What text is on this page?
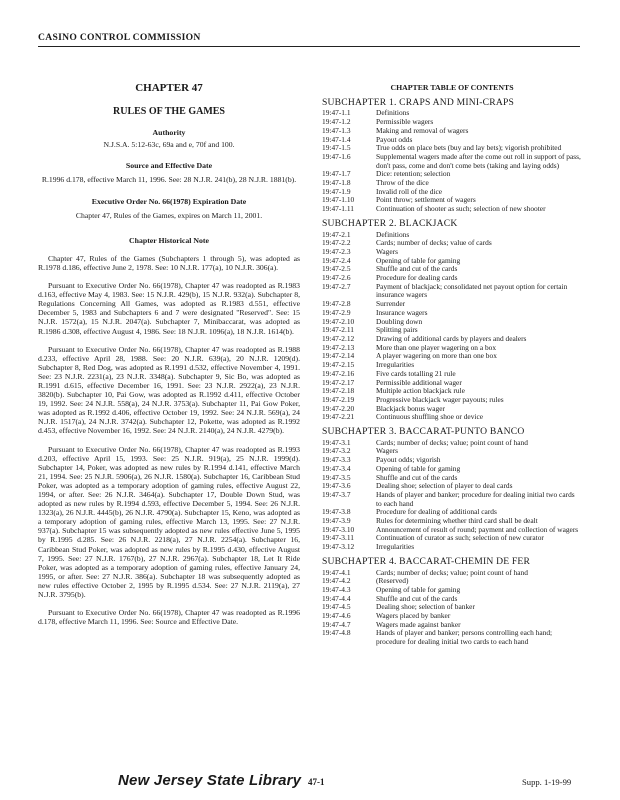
CASINO CONTROL COMMISSION
CHAPTER 47
RULES OF THE GAMES
Authority
N.J.S.A. 5:12-63c, 69a and e, 70f and 100.
Source and Effective Date
R.1996 d.178, effective March 11, 1996. See: 28 N.J.R. 241(b), 28 N.J.R. 1881(b).
Executive Order No. 66(1978) Expiration Date
Chapter 47, Rules of the Games, expires on March 11, 2001.
Chapter Historical Note
Chapter 47, Rules of the Games (Subchapters 1 through 5), was adopted as R.1978 d.186, effective June 2, 1978. See: 10 N.J.R. 177(a), 10 N.J.R. 306(a).
Pursuant to Executive Order No. 66(1978), Chapter 47 was readopted as R.1983 d.163, effective May 4, 1983. See: 15 N.J.R. 429(b), 15 N.J.R. 932(a). Subchapter 8, Regulations Concerning All Games, was adopted as R.1983 d.551, effective December 5, 1983 and Subchapters 6 and 7 were designated "Reserved". See: 15 N.J.R. 1572(a), 15 N.J.R. 2047(a). Subchapter 7, Minibaccarat, was adopted as R.1986 d.308, effective August 4, 1986. See: 18 N.J.R. 1096(a), 18 N.J.R. 1614(b).
Pursuant to Executive Order No. 66(1978), Chapter 47 was readopted as R.1988 d.233, effective April 28, 1988. See: 20 N.J.R. 639(a), 20 N.J.R. 1209(d). Subchapter 8, Red Dog, was adopted as R.1991 d.532, effective November 4, 1991. See: 23 N.J.R. 2231(a), 23 N.J.R. 3348(a). Subchapter 9, Sic Bo, was adopted as R.1991 d.615, effective December 16, 1991. See: 23 N.J.R. 2922(a), 23 N.J.R. 3820(b). Subchapter 10, Pai Gow, was adopted as R.1992 d.411, effective October 19, 1992. See: 24 N.J.R. 558(a), 24 N.J.R. 3753(a). Subchapter 11, Pai Gow Poker, was adopted as R.1992 d.406, effective October 19, 1992. See: 24 N.J.R. 569(a), 24 N.J.R. 1517(a), 24 N.J.R. 3742(a). Subchapter 12, Pokette, was adopted as R.1992 d.453, effective November 16, 1992. See: 24 N.J.R. 2140(a), 24 N.J.R. 4279(b).
Pursuant to Executive Order No. 66(1978), Chapter 47 was readopted as R.1993 d.203, effective April 15, 1993. See: 25 N.J.R. 919(a), 25 N.J.R. 1999(d). Subchapter 14, Poker, was adopted as new rules by R.1994 d.141, effective March 21, 1994. See: 25 N.J.R. 5906(a), 26 N.J.R. 1580(a). Subchapter 16, Caribbean Stud Poker, was adopted as a temporary adoption of gaming rules, effective August 22, 1994, or after. See: 26 N.J.R. 3464(a). Subchapter 17, Double Down Stud, was adopted as new rules by R.1994 d.593, effective December 5, 1994. See: 26 N.J.R. 1323(a), 26 N.J.R. 4445(b), 26 N.J.R. 4790(a). Subchapter 15, Keno, was adopted as a temporary adoption of gaming rules, effective March 13, 1995. See: 27 N.J.R. 937(a). Subchapter 15 was subsequently adopted as new rules effective June 5, 1995 by R.1995 d.285. See: 26 N.J.R. 2218(a), 27 N.J.R. 2254(a). Subchapter 16, Caribbean Stud Poker, was adopted as new rules by R.1995 d.430, effective August 7, 1995. See: 27 N.J.R. 1767(b), 27 N.J.R. 2967(a). Subchapter 18, Let It Ride Poker, was adopted as a temporary adoption of gaming rules, effective January 24, 1995, or after. See: 27 N.J.R. 386(a). Subchapter 18 was subsequently adopted as new rules effective October 2, 1995 by R.1995 d.534. See: 27 N.J.R. 2119(a), 27 N.J.R. 3795(b).
Pursuant to Executive Order No. 66(1978), Chapter 47 was readopted as R.1996 d.178, effective March 11, 1996. See: Source and Effective Date.
CHAPTER TABLE OF CONTENTS
SUBCHAPTER 1. CRAPS AND MINI-CRAPS
19:47-1.1	Definitions
19:47-1.2	Permissible wagers
19:47-1.3	Making and removal of wagers
19:47-1.4	Payout odds
19:47-1.5	True odds on place bets (buy and lay bets); vigorish prohibited
19:47-1.6	Supplemental wagers made after the come out roll in support of pass, don't pass, come and don't come bets (taking and laying odds)
19:47-1.7	Dice: retention; selection
19:47-1.8	Throw of the dice
19:47-1.9	Invalid roll of the dice
19:47-1.10	Point throw; settlement of wagers
19:47-1.11	Continuation of shooter as such; selection of new shooter
SUBCHAPTER 2. BLACKJACK
19:47-2.1	Definitions
19:47-2.2	Cards; number of decks; value of cards
19:47-2.3	Wagers
19:47-2.4	Opening of table for gaming
19:47-2.5	Shuffle and cut of the cards
19:47-2.6	Procedure for dealing cards
19:47-2.7	Payment of blackjack; consolidated net payout option for certain insurance wagers
19:47-2.8	Surrender
19:47-2.9	Insurance wagers
19:47-2.10	Doubling down
19:47-2.11	Splitting pairs
19:47-2.12	Drawing of additional cards by players and dealers
19:47-2.13	More than one player wagering on a box
19:47-2.14	A player wagering on more than one box
19:47-2.15	Irregularities
19:47-2.16	Five cards totalling 21 rule
19:47-2.17	Permissible additional wager
19:47-2.18	Multiple action blackjack rule
19:47-2.19	Progressive blackjack wager payouts; rules
19:47-2.20	Blackjack bonus wager
19:47-2.21	Continuous shuffling shoe or device
SUBCHAPTER 3. BACCARAT-PUNTO BANCO
19:47-3.1	Cards; number of decks; value; point count of hand
19:47-3.2	Wagers
19:47-3.3	Payout odds; vigorish
19:47-3.4	Opening of table for gaming
19:47-3.5	Shuffle and cut of the cards
19:47-3.6	Dealing shoe; selection of player to deal cards
19:47-3.7	Hands of player and banker; procedure for dealing initial two cards to each hand
19:47-3.8	Procedure for dealing of additional cards
19:47-3.9	Rules for determining whether third card shall be dealt
19:47-3.10	Announcement of result of round; payment and collection of wagers
19:47-3.11	Continuation of curator as such; selection of new curator
19:47-3.12	Irregularities
SUBCHAPTER 4. BACCARAT-CHEMIN DE FER
19:47-4.1	Cards; number of decks; value; point count of hand
19:47-4.2	(Reserved)
19:47-4.3	Opening of table for gaming
19:47-4.4	Shuffle and cut of the cards
19:47-4.5	Dealing shoe; selection of banker
19:47-4.6	Wagers placed by banker
19:47-4.7	Wagers made against banker
19:47-4.8	Hands of player and banker; persons controlling each hand; procedure for dealing initial two cards to each hand
New Jersey State Library 47-1	Supp. 1-19-99
